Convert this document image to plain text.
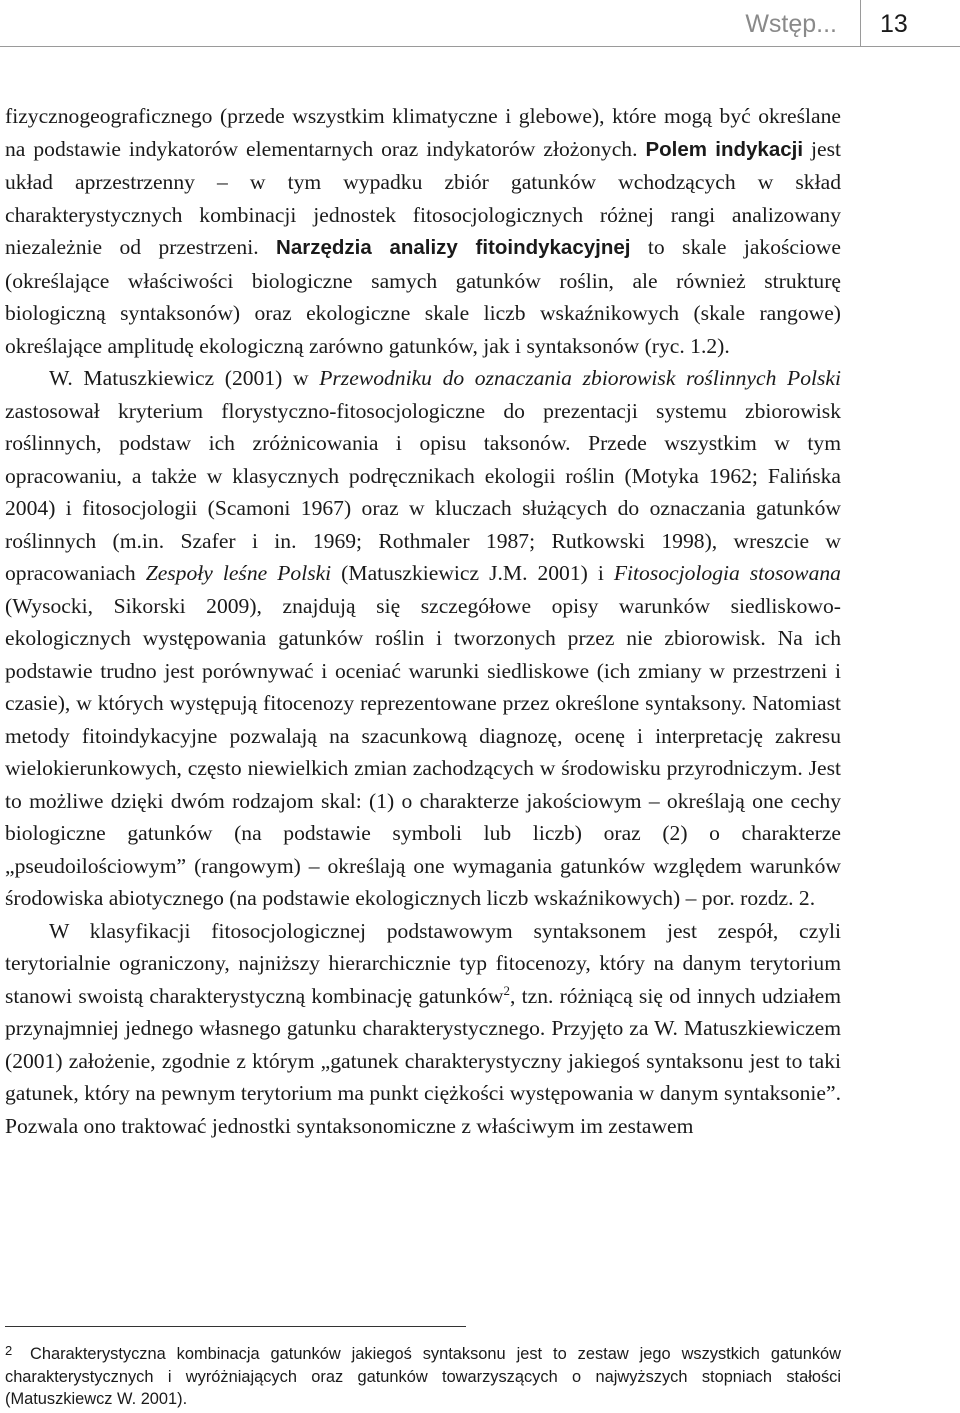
Wstęp... 13

fizycznogeograficznego (przede wszystkim klimatyczne i glebowe), które mogą być określane na podstawie indykatorów elementarnych oraz indykatorów złożonych. Polem indykacji jest układ aprzestrzenny – w tym wypadku zbiór gatunków wchodzących w skład charakterystycznych kombinacji jednostek fitosocjologicznych różnej rangi analizowany niezależnie od przestrzeni. Narzędzia analizy fitoindykacyjnej to skale jakościowe (określające właściwości biologiczne samych gatunków roślin, ale również strukturę biologiczną syntaksonów) oraz ekologiczne skale liczb wskaźnikowych (skale rangowe) określające amplitudę ekologiczną zarówno gatunków, jak i syntaksonów (ryc. 1.2).

W. Matuszkiewicz (2001) w Przewodniku do oznaczania zbiorowisk roślinnych Polski zastosował kryterium florystyczno-fitosocjologiczne do prezentacji systemu zbiorowisk roślinnych, podstaw ich zróżnicowania i opisu taksonów. Przede wszystkim w tym opracowaniu, a także w klasycznych podręcznikach ekologii roślin (Motyka 1962; Falińska 2004) i fitosocjologii (Scamoni 1967) oraz w kluczach służących do oznaczania gatunków roślinnych (m.in. Szafer i in. 1969; Rothmaler 1987; Rutkowski 1998), wreszcie w opracowaniach Zespoły leśne Polski (Matuszkiewicz J.M. 2001) i Fitosocjologia stosowana (Wysocki, Sikorski 2009), znajdują się szczegółowe opisy warunków siedliskowo-ekologicznych występowania gatunków roślin i tworzonych przez nie zbiorowisk. Na ich podstawie trudno jest porównywać i oceniać warunki siedliskowe (ich zmiany w przestrzeni i czasie), w których występują fitocenozy reprezentowane przez określone syntaksony. Natomiast metody fitoindykacyjne pozwalają na szacunkową diagnozę, ocenę i interpretację zakresu wielokierunkowych, często niewielkich zmian zachodzących w środowisku przyrodniczym. Jest to możliwe dzięki dwóm rodzajom skal: (1) o charakterze jakościowym – określają one cechy biologiczne gatunków (na podstawie symboli lub liczb) oraz (2) o charakterze „pseudoilościowym” (rangowym) – określają one wymagania gatunków względem warunków środowiska abiotycznego (na podstawie ekologicznych liczb wskaźnikowych) – por. rozdz. 2.

W klasyfikacji fitosocjologicznej podstawowym syntaksonem jest zespół, czyli terytorialnie ograniczony, najniższy hierarchicznie typ fitocenozy, który na danym terytorium stanowi swoistą charakterystyczną kombinację gatunków$^2$, tzn. różniącą się od innych udziałem przynajmniej jednego własnego gatunku charakterystycznego. Przyjęto za W. Matuszkiewiczem (2001) założenie, zgodnie z którym „gatunek charakterystyczny jakiegoś syntaksonu jest to taki gatunek, który na pewnym terytorium ma punkt ciężkości występowania w danym syntaksonie”. Pozwala ono traktować jednostki syntaksonomiczne z właściwym im zestawem

2 Charakterystyczna kombinacja gatunków jakiegoś syntaksonu jest to zestaw jego wszystkich gatunków charakterystycznych i wyróżniających oraz gatunków towarzyszących o najwyższych stopniach stałości (Matuszkiewcz W. 2001).
